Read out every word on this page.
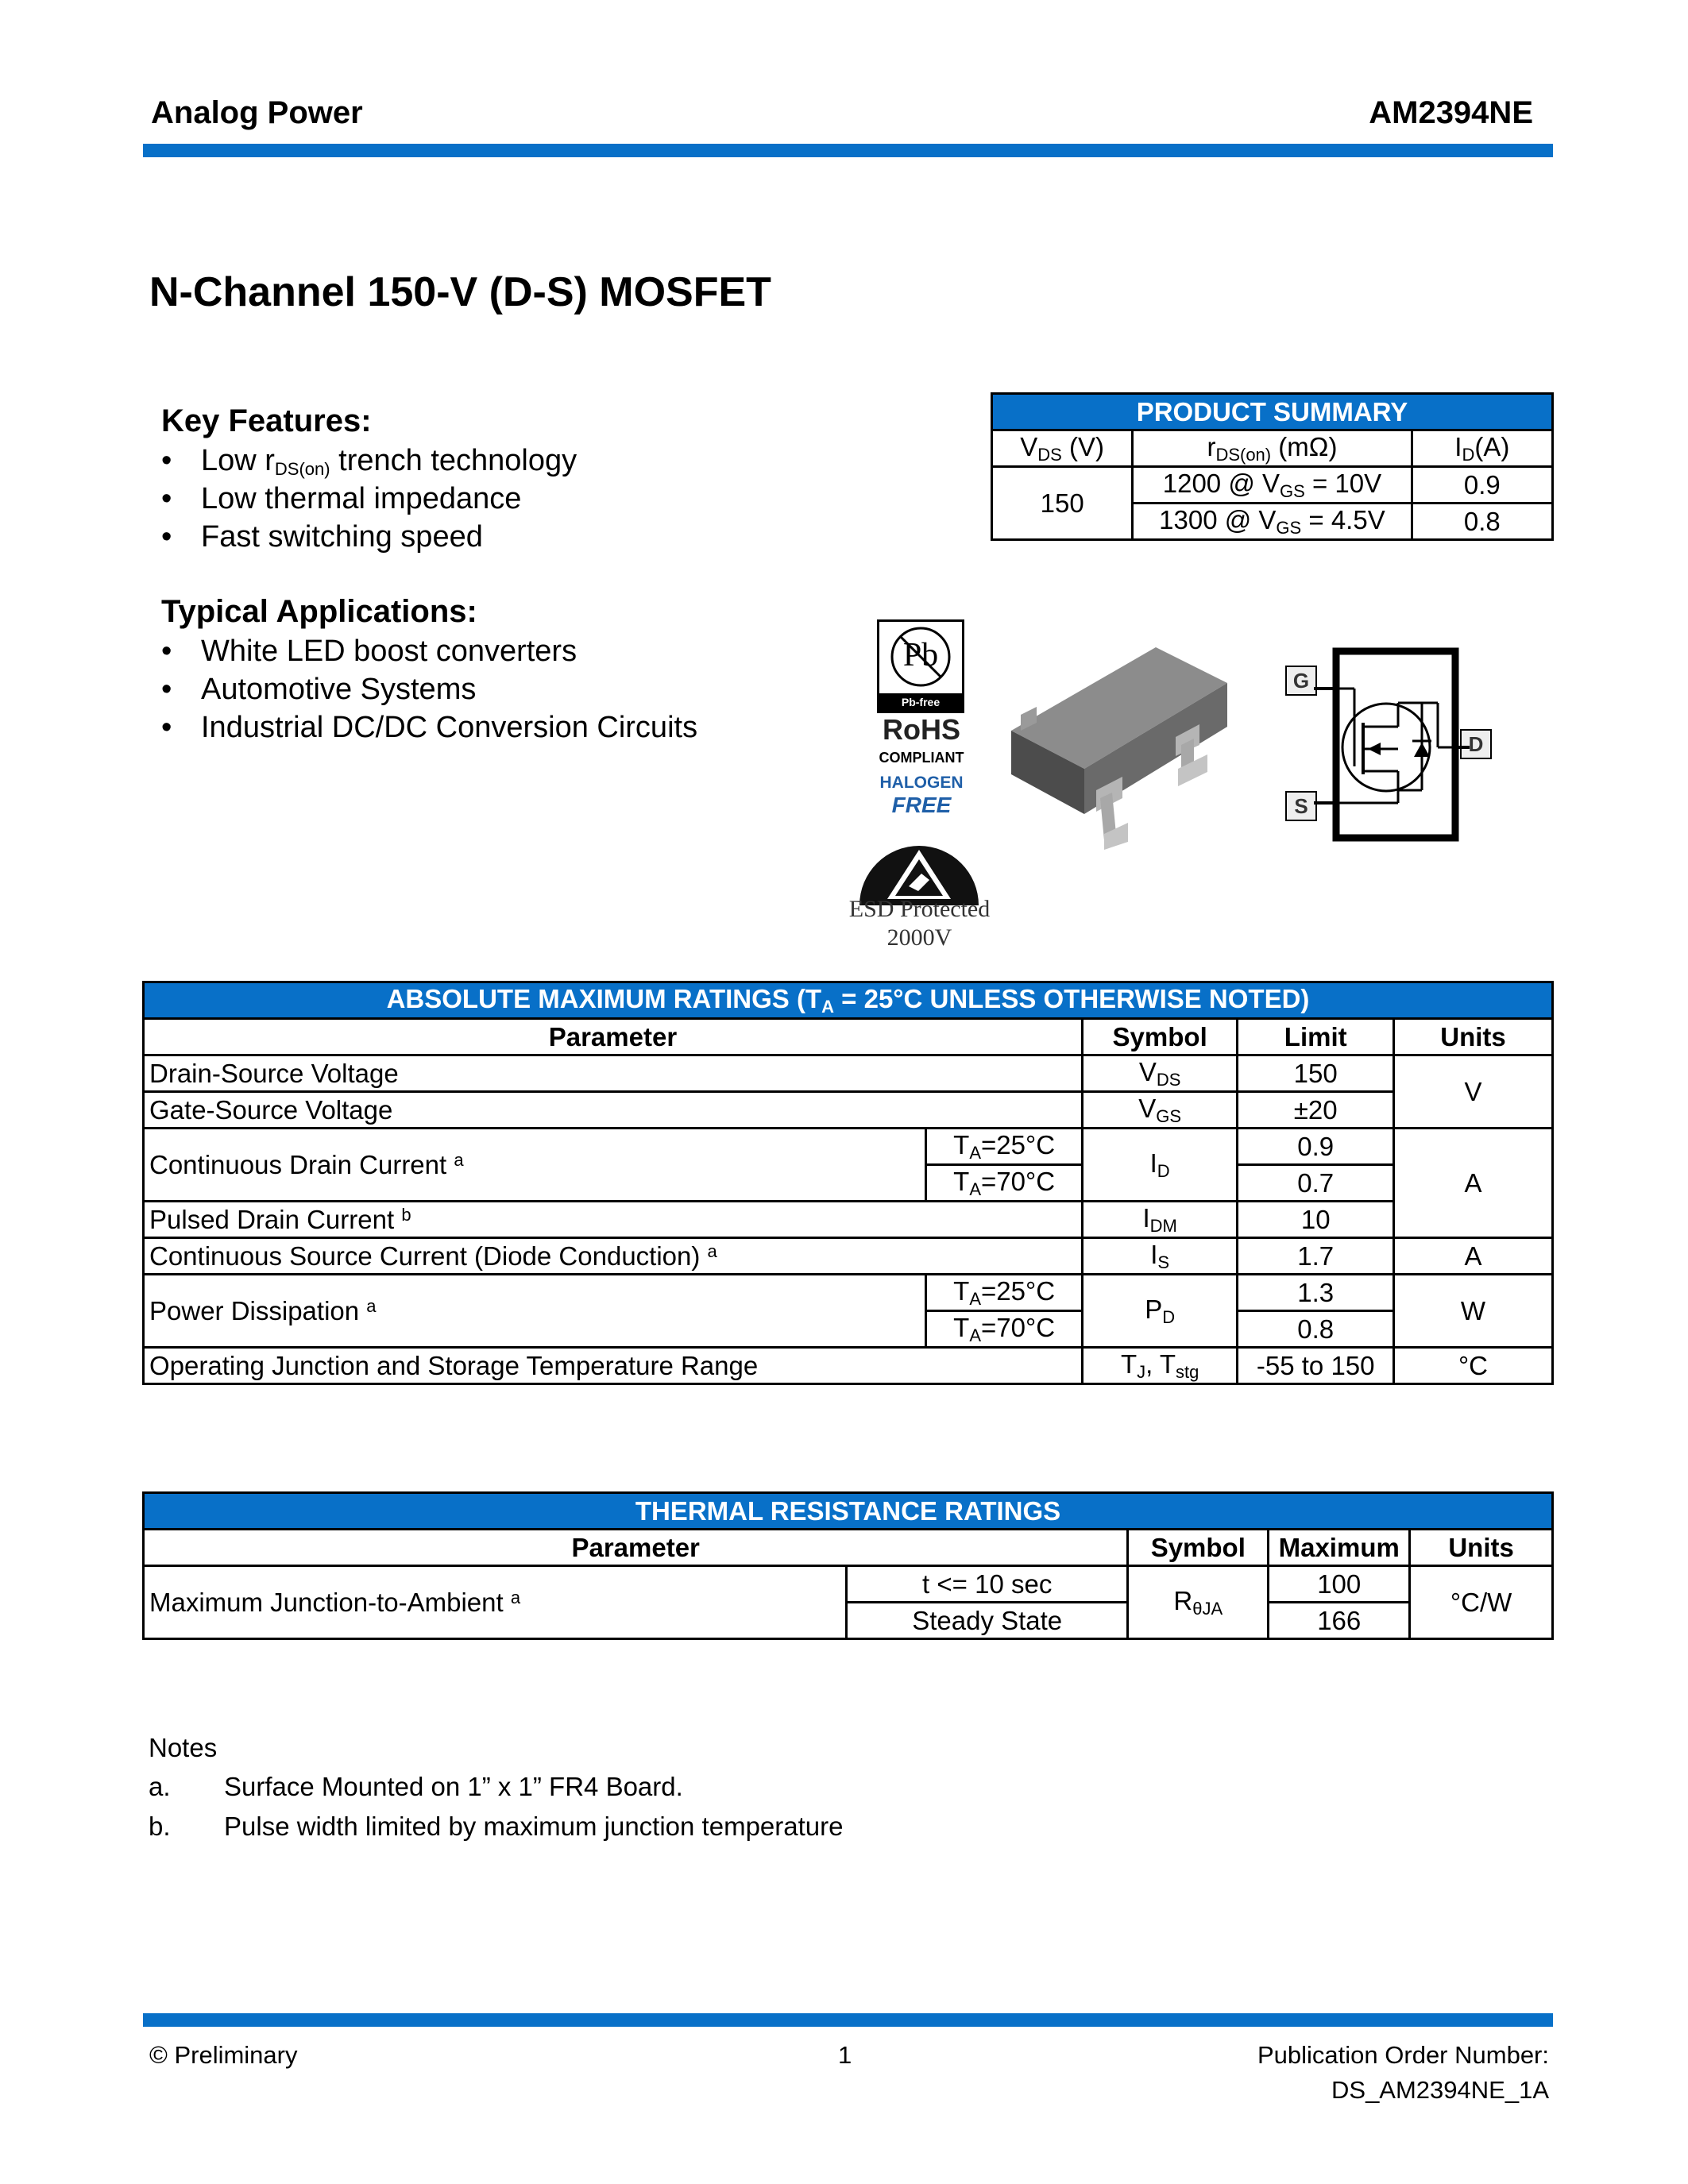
Analog Power	AM2394NE
N-Channel 150-V (D-S) MOSFET
Key Features:
• Low $r_{DS(on)}$ trench technology
• Low thermal impedance
• Fast switching speed
Typical Applications:
• White LED boost converters
• Automotive Systems
• Industrial DC/DC Conversion Circuits
PRODUCT SUMMARY		
$V_{DS}$ (V)	$r_{DS(on)}$ (mΩ)	$I_D(A)$
150	1200 @ $V_{GS} = 10V$	0.9
	1300 @ $V_{GS} = 4.5V$	0.8
Pb
Pb-free
RoHS
COMPLIANT
HALOGEN
FREE
ESD Protected
2000V
G
D
S
ABSOLUTE MAXIMUM RATINGS ($T_A = 25^\circ C$ UNLESS OTHERWISE NOTED)				
Parameter		Symbol	Limit	Units
Drain-Source Voltage		$V_{DS}$	150	V
Gate-Source Voltage		$V_{GS}$	±20	
Continuous Drain Current $^a$	$T_A=25^\circ C$	$I_D$	0.9	A
	$T_A=70^\circ C$		0.7	
Pulsed Drain Current $^b$		$I_{DM}$	10	
Continuous Source Current (Diode Conduction) $^a$		$I_S$	1.7	A
Power Dissipation $^a$	$T_A=25^\circ C$	$P_D$	1.3	W
	$T_A=70^\circ C$		0.8	
Operating Junction and Storage Temperature Range		$T_J$, $T_{stg}$	-55 to 150	°C
THERMAL RESISTANCE RATINGS				
Parameter		Symbol	Maximum	Units
Maximum Junction-to-Ambient $^a$	t <= 10 sec	$R_{\theta JA}$	100	°C/W
	Steady State		166	
Notes
a. Surface Mounted on 1” x 1” FR4 Board.
b. Pulse width limited by maximum junction temperature
© Preliminary	1	Publication Order Number:
DS_AM2394NE_1A
